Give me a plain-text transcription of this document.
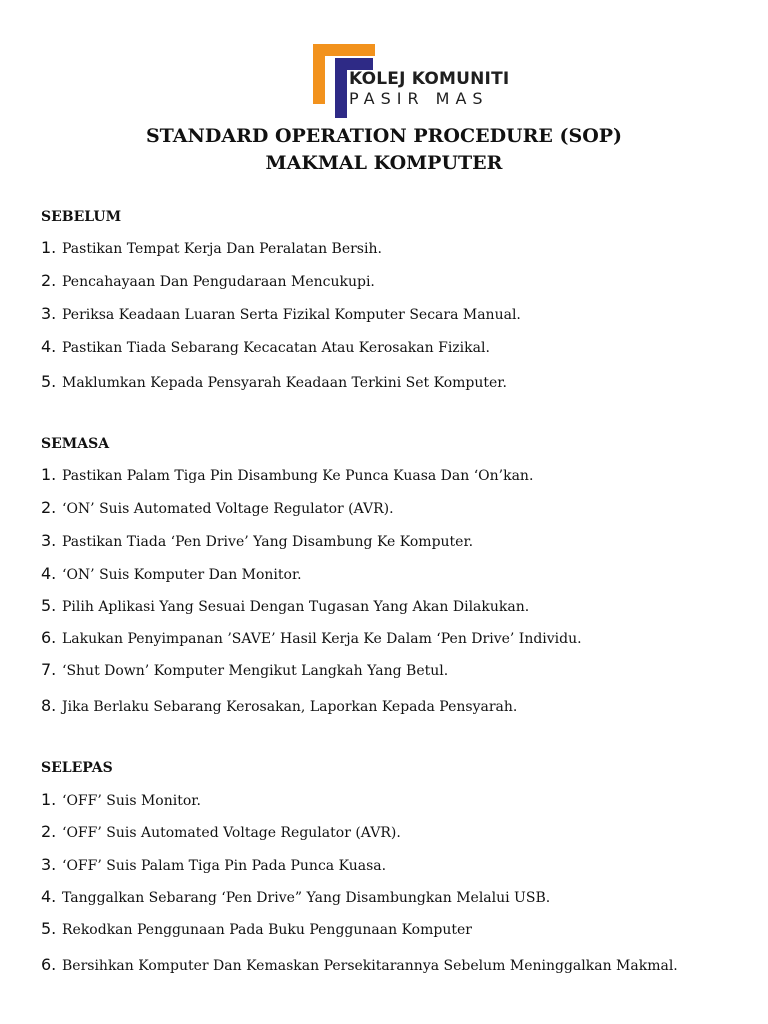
KOLEJ KOMUNITI
PASIR MAS
STANDARD OPERATION PROCEDURE (SOP)
MAKMAL KOMPUTER
SEBELUM
1. Pastikan Tempat Kerja Dan Peralatan Bersih.
2. Pencahayaan Dan Pengudaraan Mencukupi.
3. Periksa Keadaan Luaran Serta Fizikal Komputer Secara Manual.
4. Pastikan Tiada Sebarang Kecacatan Atau Kerosakan Fizikal.
5. Maklumkan Kepada Pensyarah Keadaan Terkini Set Komputer.
SEMASA
1. Pastikan Palam Tiga Pin Disambung Ke Punca Kuasa Dan ‘On’kan.
2. ‘ON’ Suis Automated Voltage Regulator (AVR).
3. Pastikan Tiada ‘Pen Drive’ Yang Disambung Ke Komputer.
4. ‘ON’ Suis Komputer Dan Monitor.
5. Pilih Aplikasi Yang Sesuai Dengan Tugasan Yang Akan Dilakukan.
6. Lakukan Penyimpanan ’SAVE’ Hasil Kerja Ke Dalam ‘Pen Drive’ Individu.
7. ‘Shut Down’ Komputer Mengikut Langkah Yang Betul.
8. Jika Berlaku Sebarang Kerosakan, Laporkan Kepada Pensyarah.
SELEPAS
1. ‘OFF’ Suis Monitor.
2. ‘OFF’ Suis Automated Voltage Regulator (AVR).
3. ‘OFF’ Suis Palam Tiga Pin Pada Punca Kuasa.
4. Tanggalkan Sebarang ‘Pen Drive” Yang Disambungkan Melalui USB.
5. Rekodkan Penggunaan Pada Buku Penggunaan Komputer
6. Bersihkan Komputer Dan Kemaskan Persekitarannya Sebelum Meninggalkan Makmal.
